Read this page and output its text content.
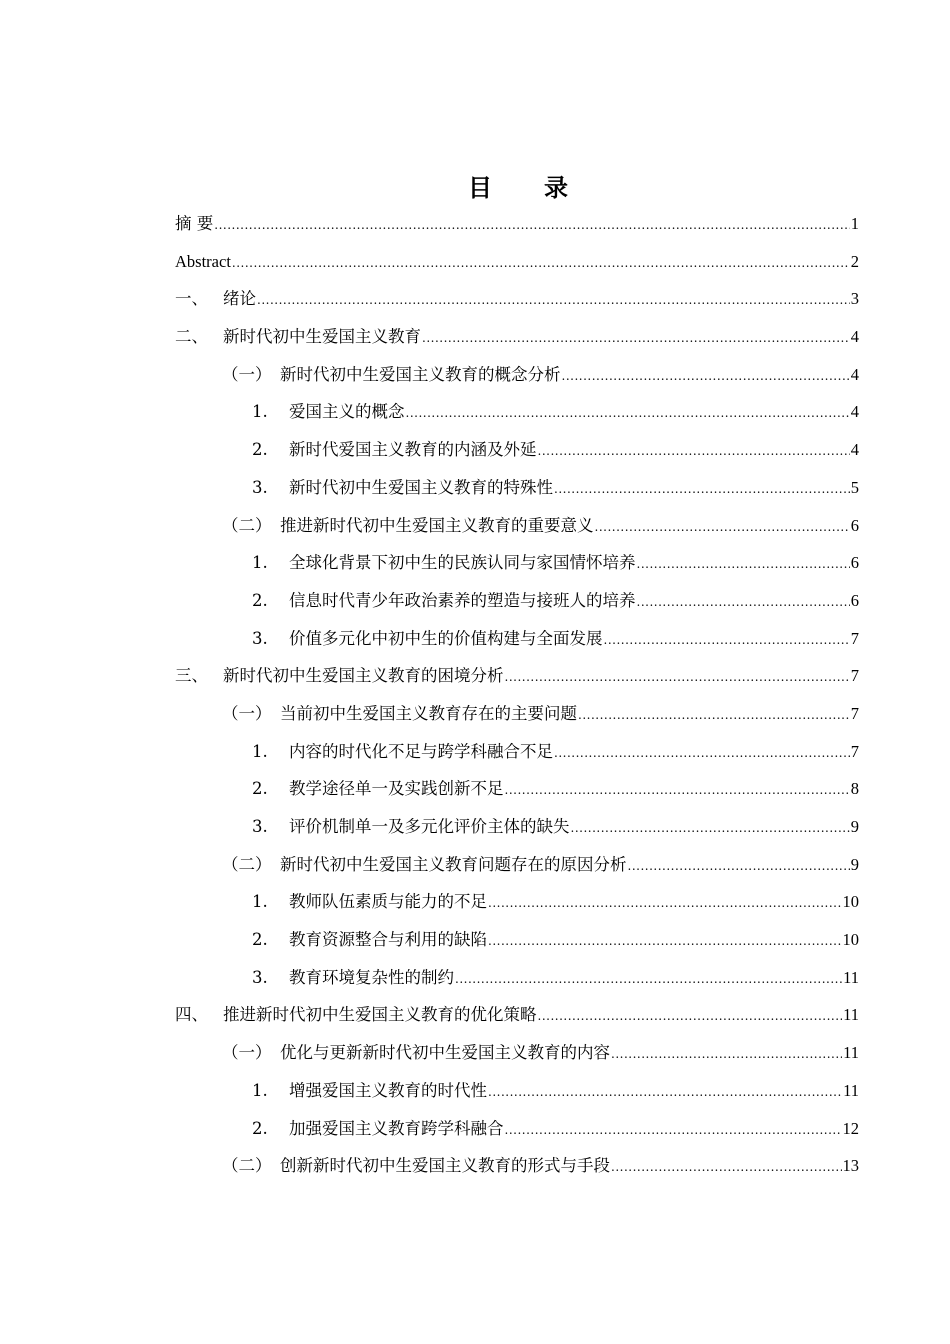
目 录
摘 要 .....	1
Abstract .....	2
一、 绪论 .....	3
二、 新时代初中生爱国主义教育 .....	4
（一） 新时代初中生爱国主义教育的概念分析 .....	4
1.	爱国主义的概念 .....	4
2.	新时代爱国主义教育的内涵及外延 .....	4
3.	新时代初中生爱国主义教育的特殊性 .....	5
（二） 推进新时代初中生爱国主义教育的重要意义 .....	6
1.	全球化背景下初中生的民族认同与家国情怀培养 .....	6
2.	信息时代青少年政治素养的塑造与接班人的培养 .....	6
3.	价值多元化中初中生的价值构建与全面发展 .....	7
三、 新时代初中生爱国主义教育的困境分析 .....	7
（一） 当前初中生爱国主义教育存在的主要问题 .....	7
1.	内容的时代化不足与跨学科融合不足 .....	7
2.	教学途径单一及实践创新不足 .....	8
3.	评价机制单一及多元化评价主体的缺失 .....	9
（二） 新时代初中生爱国主义教育问题存在的原因分析 .....	9
1.	教师队伍素质与能力的不足 .....	10
2.	教育资源整合与利用的缺陷 .....	10
3.	教育环境复杂性的制约 .....	11
四、 推进新时代初中生爱国主义教育的优化策略 .....	11
（一） 优化与更新新时代初中生爱国主义教育的内容 .....	11
1.	增强爱国主义教育的时代性 .....	11
2.	加强爱国主义教育跨学科融合 .....	12
（二） 创新新时代初中生爱国主义教育的形式与手段 .....	13
